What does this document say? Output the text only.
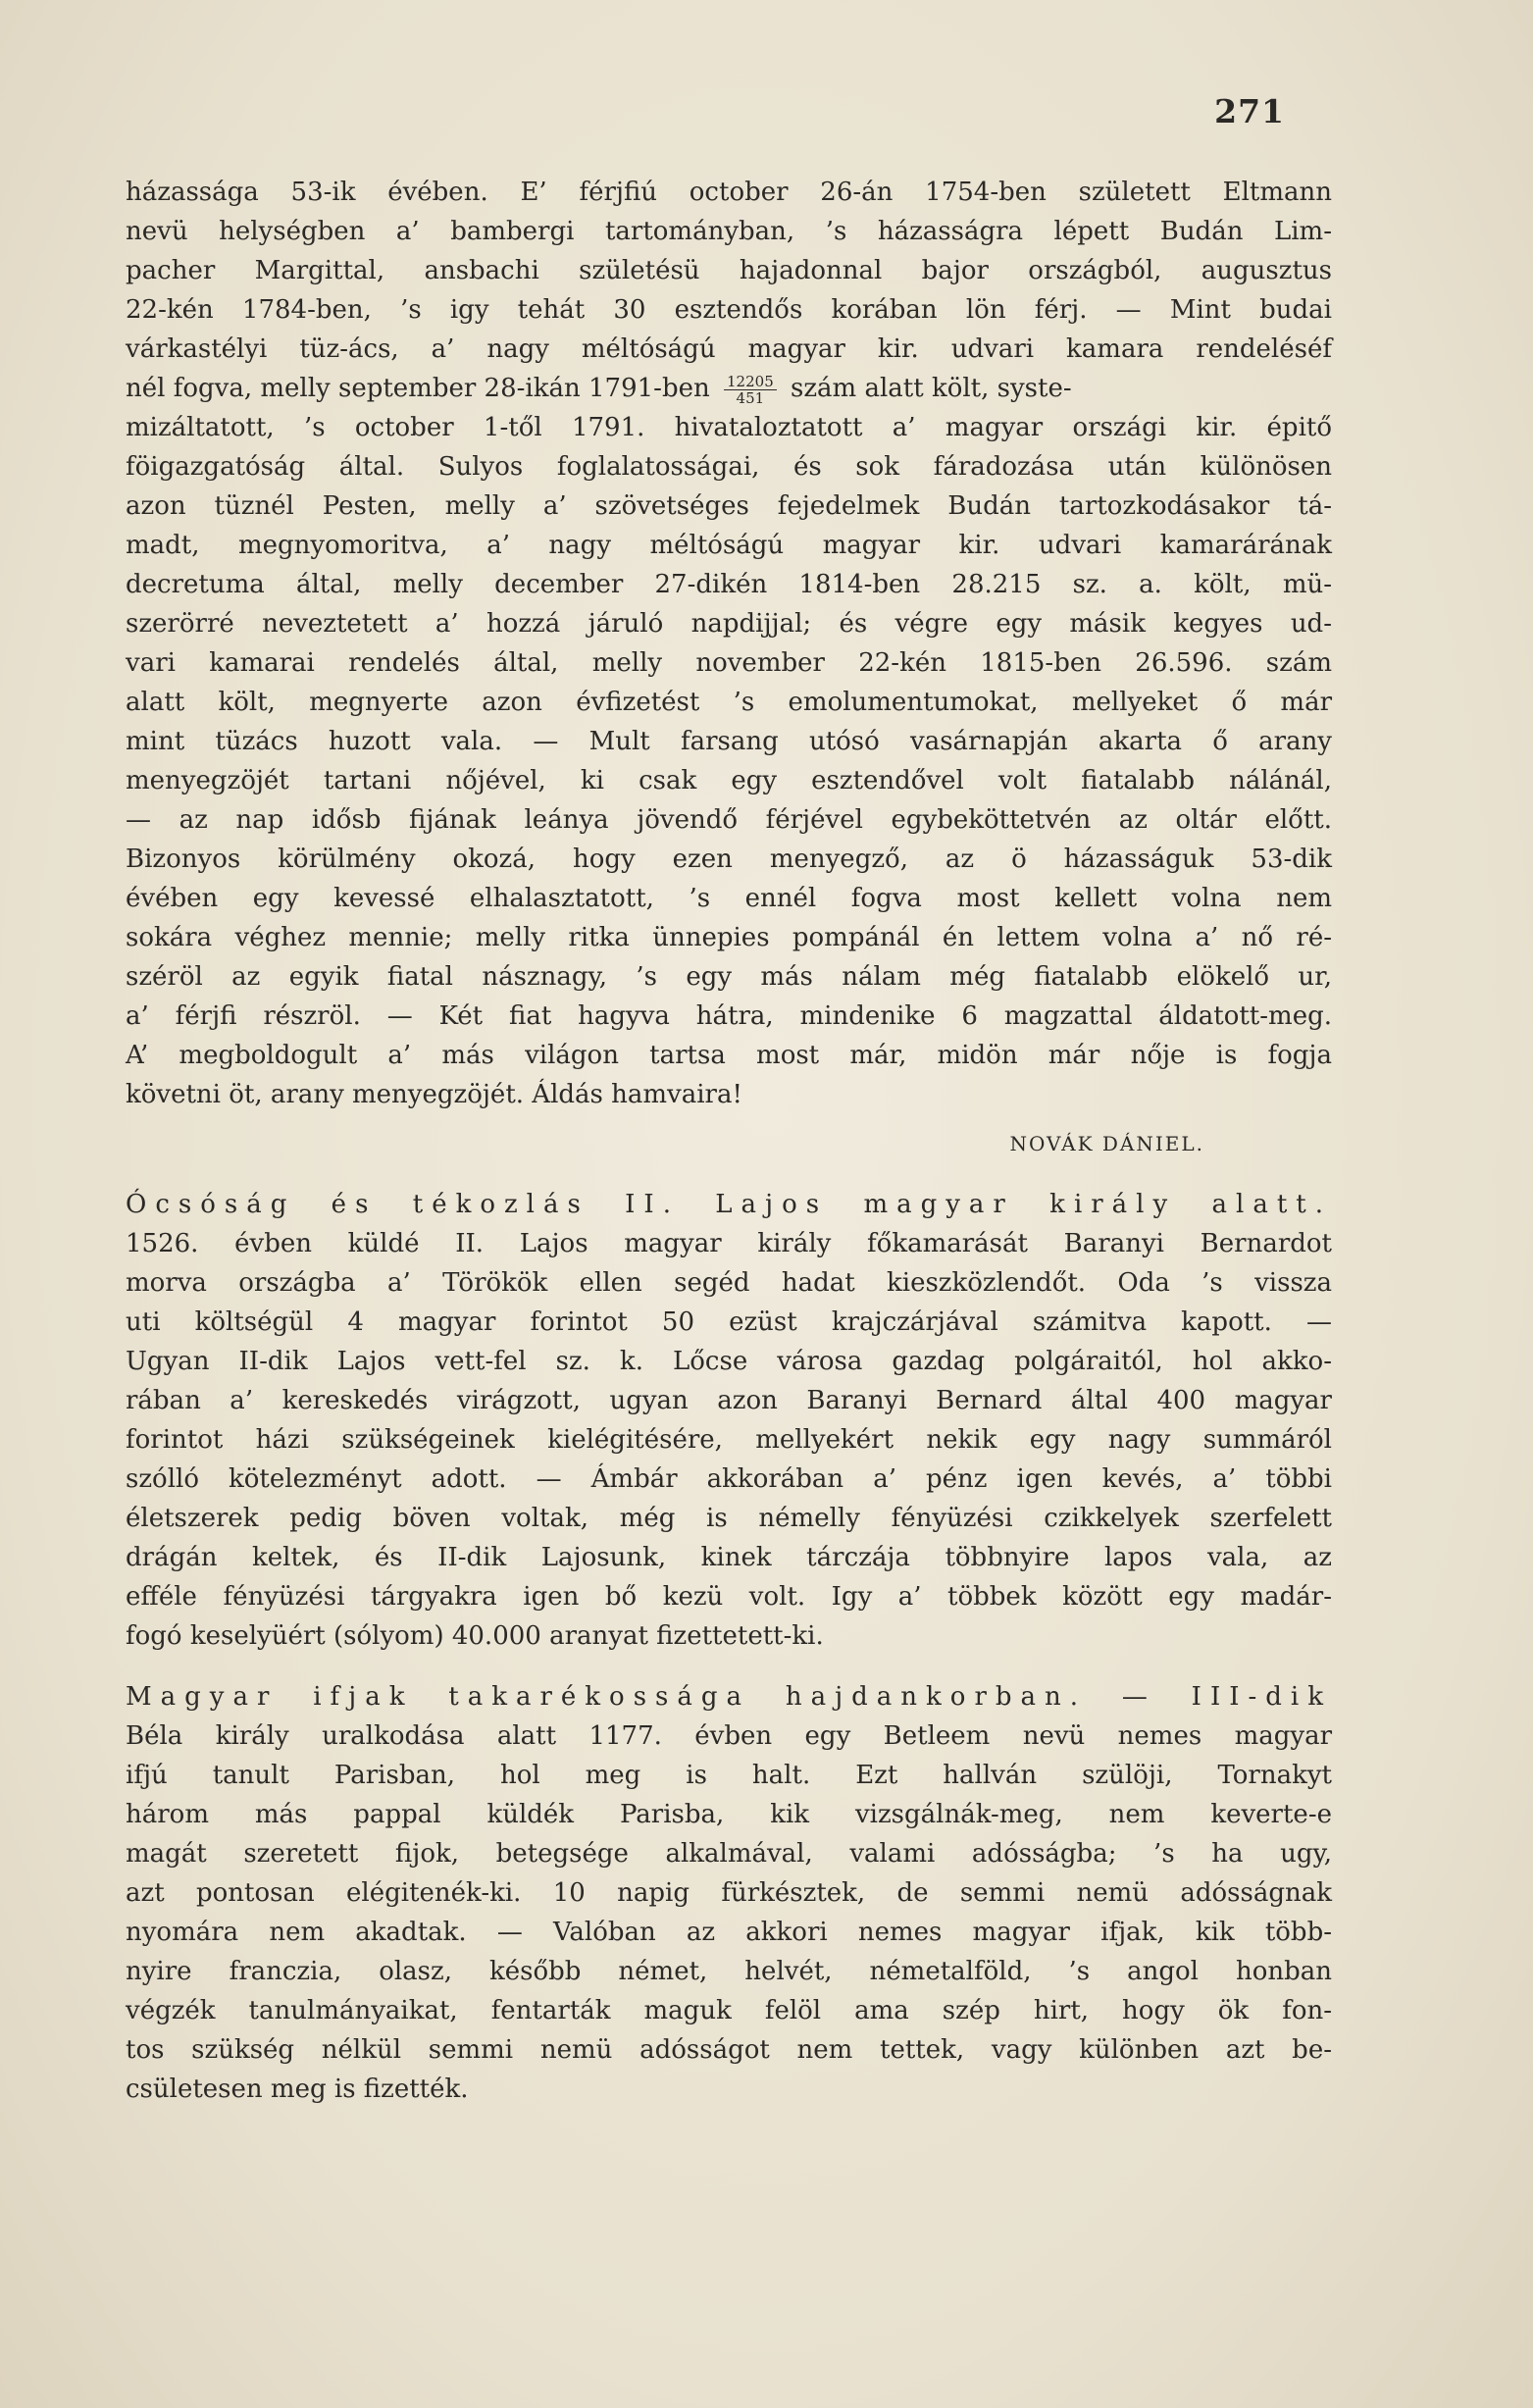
271
házassága 53-ik évében. E’ férjfiú october 26-án 1754-ben született Eltmann
nevü helységben a’ bambergi tartományban, ’s házasságra lépett Budán Lim-
pacher Margittal, ansbachi születésü hajadonnal bajor országból, augusztus
22-kén 1784-ben, ’s igy tehát 30 esztendős korában lön férj. — Mint budai
várkastélyi tüz-ács, a’ nagy méltóságú magyar kir. udvari kamara rendeléséf
nél fogva, melly september 28-ikán $1791-ben \frac{12205}{451}$ szám alatt költ, syste-
mizáltatott, ’s october 1-től 1791. hivataloztatott a’ magyar országi kir. épitő
föigazgatóság által. Sulyos foglalatosságai, és sok fáradozása után különösen
azon tüznél Pesten, melly a’ szövetséges fejedelmek Budán tartozkodásakor tá-
madt, megnyomoritva, a’ nagy méltóságú magyar kir. udvari kamarárának
decretuma által, melly december 27-dikén 1814-ben 28.215 sz. a. költ, mü-
szerörré neveztetett a’ hozzá járuló napdijjal; és végre egy másik kegyes ud-
vari kamarai rendelés által, melly november 22-kén 1815-ben 26.596. szám
alatt költ, megnyerte azon évfizetést ’s emolumentumokat, mellyeket ő már
mint tüzács huzott vala. — Mult farsang utósó vasárnapján akarta ő arany
menyegzöjét tartani nőjével, ki csak egy esztendővel volt fiatalabb nálánál,
— az nap idősb fijának leánya jövendő férjével egybeköttetvén az oltár előtt.
Bizonyos körülmény okozá, hogy ezen menyegző, az ö házasságuk 53-dik
évében egy kevessé elhalasztatott, ’s ennél fogva most kellett volna nem
sokára véghez mennie; melly ritka ünnepies pompánál én lettem volna a’ nő ré-
széröl az egyik fiatal násznagy, ’s egy más nálam még fiatalabb elökelő ur,
a’ férjfi részröl. — Két fiat hagyva hátra, mindenike 6 magzattal áldatott-meg.
A’ megboldogult a’ más világon tartsa most már, midön már nője is fogja
követni öt, arany menyegzöjét. Áldás hamvaira!
NOVÁK DÁNIEL.
Ócsóság és tékozlás II. Lajos magyar király alatt.
1526. évben küldé II. Lajos magyar király főkamarását Baranyi Bernardot
morva országba a’ Törökök ellen segéd hadat kieszközlendőt. Oda ’s vissza
uti költségül 4 magyar forintot 50 ezüst krajczárjával számitva kapott. —
Ugyan II-dik Lajos vett-fel sz. k. Lőcse városa gazdag polgáraitól, hol akko-
rában a’ kereskedés virágzott, ugyan azon Baranyi Bernard által 400 magyar
forintot házi szükségeinek kielégitésére, mellyekért nekik egy nagy summáról
szólló kötelezményt adott. — Ámbár akkorában a’ pénz igen kevés, a’ többi
életszerek pedig böven voltak, még is némelly fényüzési czikkelyek szerfelett
drágán keltek, és II-dik Lajosunk, kinek tárczája többnyire lapos vala, az
efféle fényüzési tárgyakra igen bő kezü volt. Igy a’ többek között egy madár-
fogó keselyüért (sólyom) 40.000 aranyat fizettetett-ki.
Magyar ifjak takarékossága hajdankorban. — III-dik
Béla király uralkodása alatt 1177. évben egy Betleem nevü nemes magyar
ifjú tanult Parisban, hol meg is halt. Ezt hallván szülöji, Tornakyt
három más pappal küldék Parisba, kik vizsgálnák-meg, nem keverte-e
magát szeretett fijok, betegsége alkalmával, valami adósságba; ’s ha ugy,
azt pontosan elégitenék-ki. 10 napig fürkésztek, de semmi nemü adósságnak
nyomára nem akadtak. — Valóban az akkori nemes magyar ifjak, kik több-
nyire franczia, olasz, később német, helvét, németalföld, ’s angol honban
végzék tanulmányaikat, fentarták maguk felöl ama szép hirt, hogy ök fon-
tos szükség nélkül semmi nemü adósságot nem tettek, vagy különben azt be-
csületesen meg is fizették.
